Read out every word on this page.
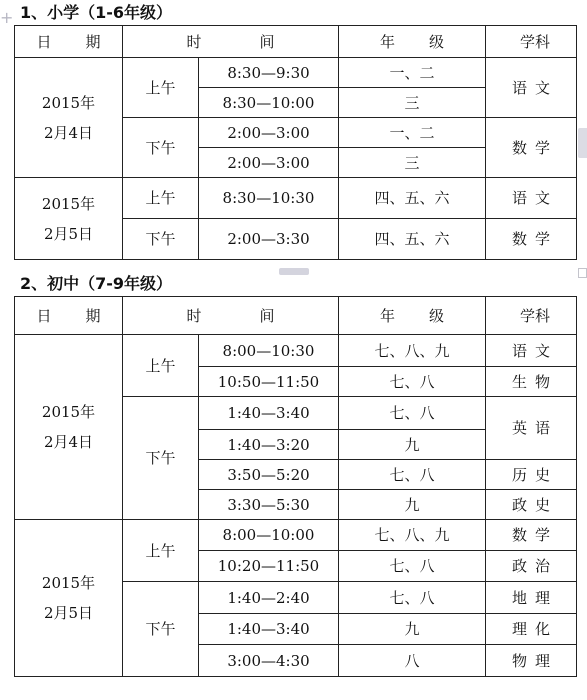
+ 1、小学（1-6年级）
日 期	时 间		年 级	学科

2015年
2月4日	上午	8:30—9:30	一、二	语文
		8:30—10:00	三	
	下午	2:00—3:00	一、二	数学
		2:00—3:00	三	

2015年
2月5日	上午	8:30—10:30	四、五、六	语文
	下午	2:00—3:30	四、五、六	数学
2、初中（7-9年级）
日 期	时 间		年 级	学科

2015年
2月4日	上午	8:00—10:30	七、八、九	语文
		10:50—11:50	七、八	生物
	下午	1:40—3:40	七、八	英语
		1:40—3:20	九	
		3:50—5:20	七、八	历史
		3:30—5:30	九	政史

2015年
2月5日	上午	8:00—10:00	七、八、九	数学
		10:20—11:50	七、八	政治
	下午	1:40—2:40	七、八	地理
		1:40—3:40	九	理化
		3:00—4:30	八	物理
